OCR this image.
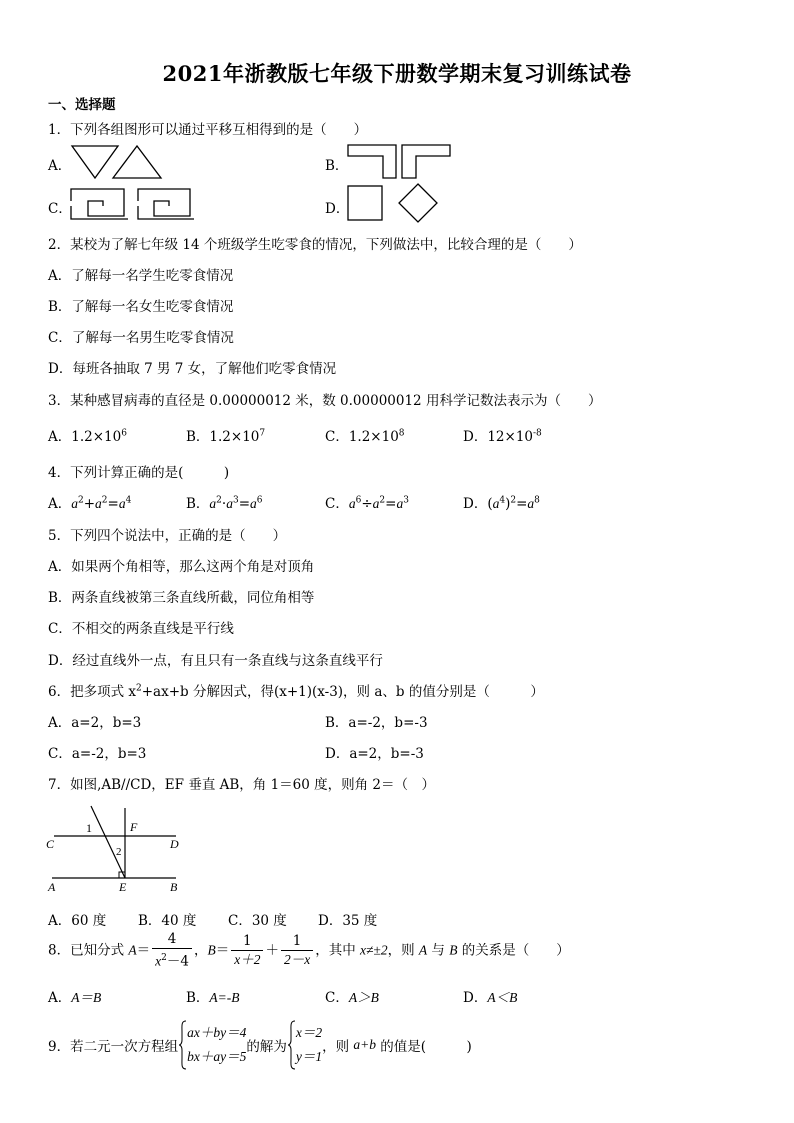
2021年浙教版七年级下册数学期末复习训练试卷
一、选择题
1．下列各组图形可以通过平移互相得到的是（　　）
A．	B．
C．	D．
2．某校为了解七年级 14 个班级学生吃零食的情况，下列做法中，比较合理的是（　　）
A．了解每一名学生吃零食情况
B．了解每一名女生吃零食情况
C．了解每一名男生吃零食情况
D．每班各抽取 7 男 7 女，了解他们吃零食情况
3．某种感冒病毒的直径是 0.00000012 米，数 0.00000012 用科学记数法表示为（　　）
A．$1.2\times 10^6$	B．$1.2\times 10^7$	C．$1.2\times 10^8$	D．$12\times 10^{-8}$
4．下列计算正确的是(　　　)
A．$a^2+a^2=a^4$	B．$a^2\cdot a^3=a^6$	C．$a^6\div a^2=a^3$	D．$(a^4)^2=a^8$
5．下列四个说法中，正确的是（　　）
A．如果两个角相等，那么这两个角是对顶角
B．两条直线被第三条直线所截，同位角相等
C．不相交的两条直线是平行线
D．经过直线外一点，有且只有一条直线与这条直线平行
6．把多项式 $x^2+ax+b$ 分解因式，得(x+1)(x-3)，则 a、b 的值分别是（　　　）
A．a=2，b=3	B．a=-2，b=-3
C．a=-2，b=3	D．a=2，b=-3
7．如图,AB//CD，EF 垂直 AB，角 1＝60 度，则角 2＝（　）
1
2
F
C	D
A	E	B
A．60 度 B．40 度 C．30 度 D．35 度
8．已知分式 $A= \frac{4}{x^2-4}$ ，$B= \frac{1}{x+2} + \frac{1}{2-x}$ ，其中 x≠±2，则 A 与 B 的关系是（　　）
A．A＝B	B．A=-B	C．A＞B	D．A＜B
9．若二元一次方程组
ax＋by＝4
bx＋ay＝5
的解为
x＝2
y＝1
，则 a+b 的值是(　　　)
